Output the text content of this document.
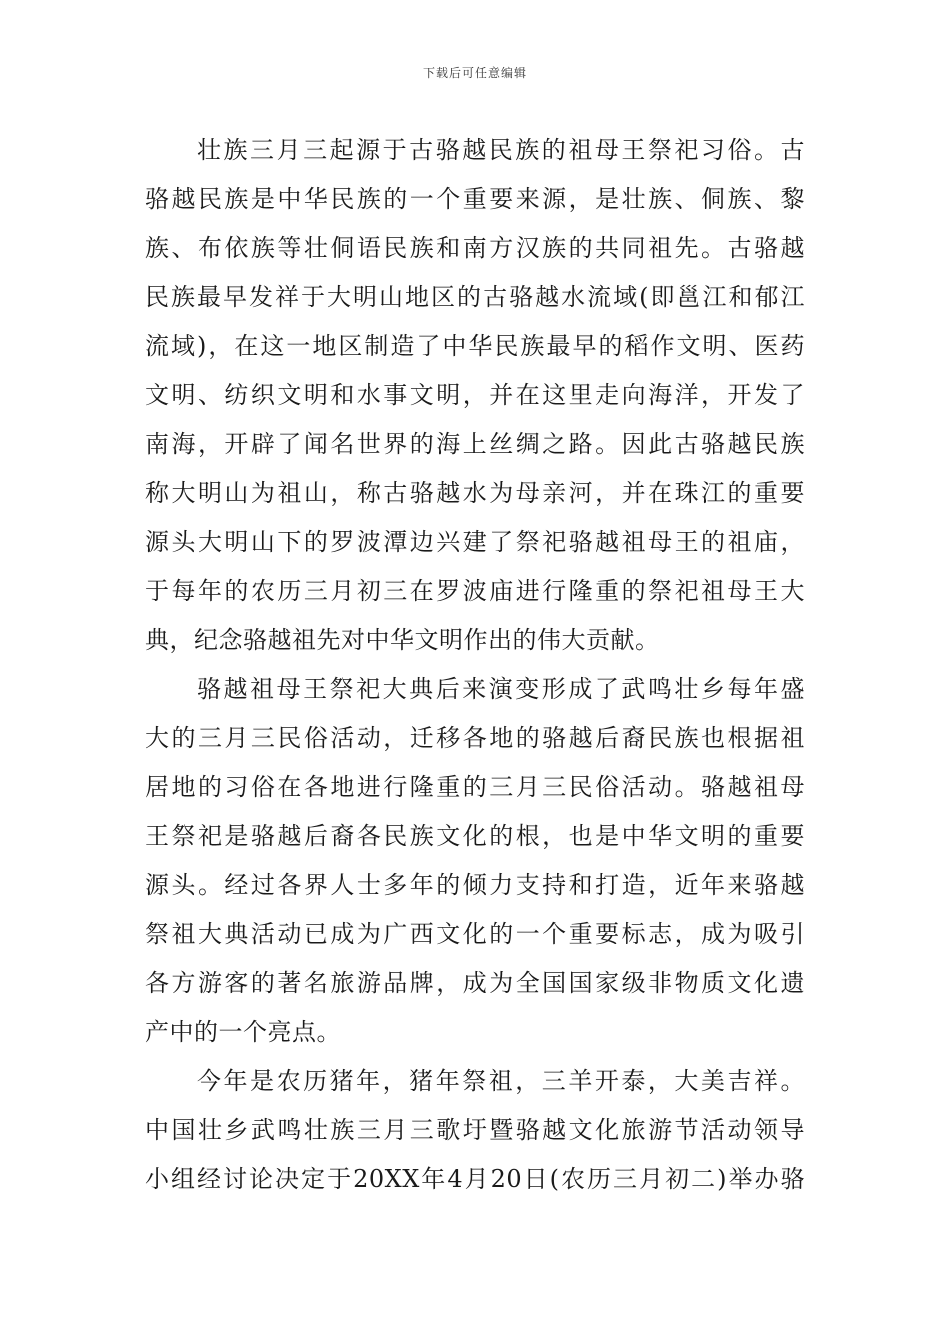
下载后可任意编辑
壮族三月三起源于古骆越民族的祖母王祭祀习俗。古
骆越民族是中华民族的一个重要来源，是壮族、侗族、黎
族、布依族等壮侗语民族和南方汉族的共同祖先。古骆越
民族最早发祥于大明山地区的古骆越水流域(即邕江和郁江
流域)，在这一地区制造了中华民族最早的稻作文明、医药
文明、纺织文明和水事文明，并在这里走向海洋，开发了
南海，开辟了闻名世界的海上丝绸之路。因此古骆越民族
称大明山为祖山，称古骆越水为母亲河，并在珠江的重要
源头大明山下的罗波潭边兴建了祭祀骆越祖母王的祖庙，
于每年的农历三月初三在罗波庙进行隆重的祭祀祖母王大
典，纪念骆越祖先对中华文明作出的伟大贡献。
骆越祖母王祭祀大典后来演变形成了武鸣壮乡每年盛
大的三月三民俗活动，迁移各地的骆越后裔民族也根据祖
居地的习俗在各地进行隆重的三月三民俗活动。骆越祖母
王祭祀是骆越后裔各民族文化的根，也是中华文明的重要
源头。经过各界人士多年的倾力支持和打造，近年来骆越
祭祖大典活动已成为广西文化的一个重要标志，成为吸引
各方游客的著名旅游品牌，成为全国国家级非物质文化遗
产中的一个亮点。
今年是农历猪年，猪年祭祖，三羊开泰，大美吉祥。
中国壮乡武鸣壮族三月三歌圩暨骆越文化旅游节活动领导
小组经讨论决定于20XX年4月20日(农历三月初二)举办骆
